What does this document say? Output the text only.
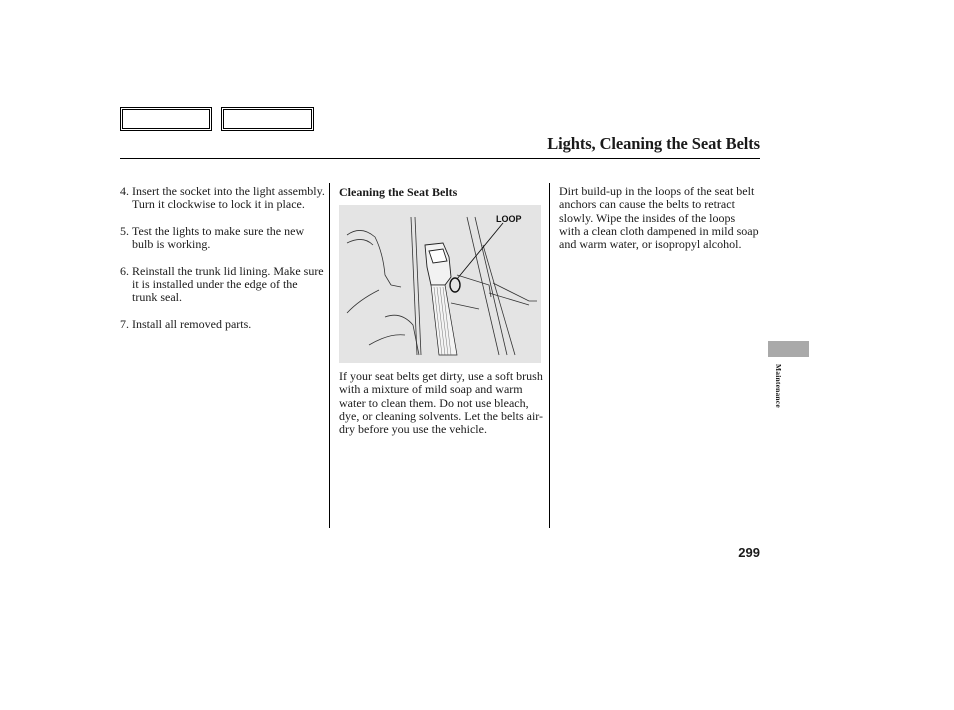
Lights, Cleaning the Seat Belts
4. Insert the socket into the light assembly. Turn it clockwise to lock it in place.
5. Test the lights to make sure the new bulb is working.
6. Reinstall the trunk lid lining. Make sure it is installed under the edge of the trunk seal.
7. Install all removed parts.
Cleaning the Seat Belts
LOOP
If your seat belts get dirty, use a soft brush with a mixture of mild soap and warm water to clean them. Do not use bleach, dye, or cleaning solvents. Let the belts air-dry before you use the vehicle.
Dirt build-up in the loops of the seat belt anchors can cause the belts to retract slowly. Wipe the insides of the loops with a clean cloth dampened in mild soap and warm water, or isopropyl alcohol.
Maintenance
299
